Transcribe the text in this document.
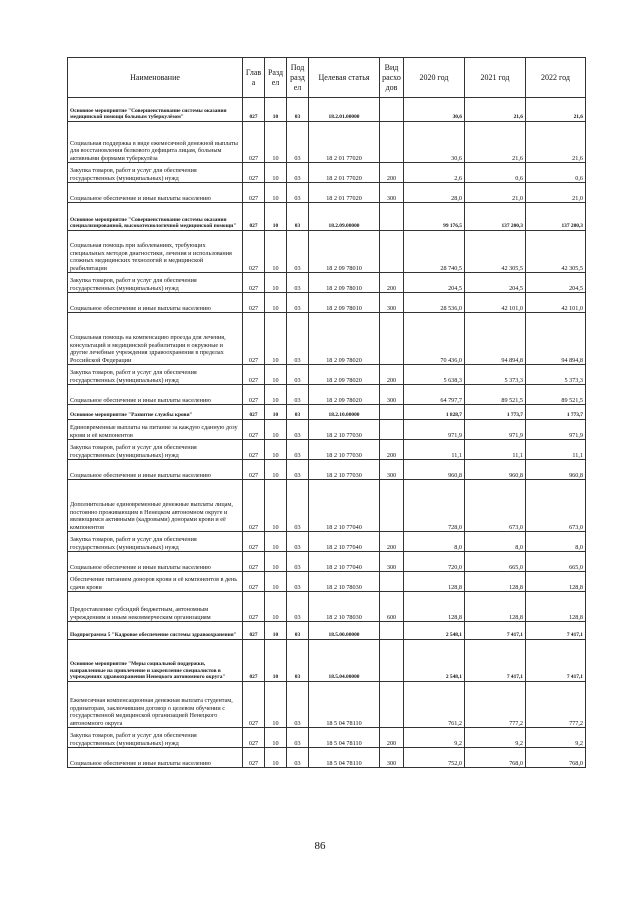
Наименование	Глава	Раздел	Подраздел	Целевая статья	Вид расходов	2020 год	2021 год	2022 год
Основное мероприятие "Совершенствование системы оказания медицинской помощи больным туберкулёзом"	027	10	03	18.2.01.00000		30,6	21,6	21,6
Социальная поддержка в виде ежемесячной денежной выплаты для восстановления белкового дефицита лицам, больным активными формами туберкулёза	027	10	03	18 2 01 77020		30,6	21,6	21,6
Закупка товаров, работ и услуг для обеспечения государственных (муниципальных) нужд	027	10	03	18 2 01 77020	200	2,6	0,6	0,6
Социальное обеспечение и иные выплаты населению	027	10	03	18 2 01 77020	300	28,0	21,0	21,0
Основное мероприятие "Совершенствование системы оказания специализированной, высокотехнологичной медицинской помощи"	027	10	03	18.2.09.00000		99 176,5	137 200,3	137 200,3
Социальная помощь при заболеваниях, требующих специальных методов диагностики, лечения и использования сложных медицинских технологий и медицинской реабилитации	027	10	03	18 2 09 78010		28 740,5	42 305,5	42 305,5
Закупка товаров, работ и услуг для обеспечения государственных (муниципальных) нужд	027	10	03	18 2 09 78010	200	204,5	204,5	204,5
Социальное обеспечение и иные выплаты населению	027	10	03	18 2 09 78010	300	28 536,0	42 101,0	42 101,0
Социальная помощь на компенсацию проезда для лечения, консультаций и медицинской реабилитации в окружные и другие лечебные учреждения здравоохранения в пределах Российской Федерации	027	10	03	18 2 09 78020		70 436,0	94 894,8	94 894,8
Закупка товаров, работ и услуг для обеспечения государственных (муниципальных) нужд	027	10	03	18 2 09 78020	200	5 638,3	5 373,3	5 373,3
Социальное обеспечение и иные выплаты населению	027	10	03	18 2 09 78020	300	64 797,7	89 521,5	89 521,5
Основное мероприятие "Развитие службы крови"	027	10	03	18.2.10.00000		1 828,7	1 773,7	1 773,7
Единовременные выплаты на питание за каждую сданную дозу крови и её компонентов	027	10	03	18 2 10 77030		971,9	971,9	971,9
Закупка товаров, работ и услуг для обеспечения государственных (муниципальных) нужд	027	10	03	18 2 10 77030	200	11,1	11,1	11,1
Социальное обеспечение и иные выплаты населению	027	10	03	18 2 10 77030	300	960,8	960,8	960,8
Дополнительные единовременные денежные выплаты лицам, постоянно проживающим в Ненецком автономном округе и являющимся активными (кадровыми) донорами крови и её компонентов	027	10	03	18 2 10 77040		728,0	673,0	673,0
Закупка товаров, работ и услуг для обеспечения государственных (муниципальных) нужд	027	10	03	18 2 10 77040	200	8,0	8,0	8,0
Социальное обеспечение и иные выплаты населению	027	10	03	18 2 10 77040	300	720,0	665,0	665,0
Обеспечение питанием доноров крови и её компонентов в день сдачи крови	027	10	03	18 2 10 78030		128,8	128,8	128,8
Предоставление субсидий бюджетным, автономным учреждениям и иным некоммерческим организациям	027	10	03	18 2 10 78030	600	128,8	128,8	128,8
Подпрограмма 5 "Кадровое обеспечение системы здравоохранения"	027	10	03	18.5.00.00000		2 548,1	7 417,1	7 417,1
Основное мероприятие "Меры социальной поддержки, направленные на привлечение и закрепление специалистов в учреждениях здравоохранения Ненецкого автономного округа"	027	10	03	18.5.04.00000		2 548,1	7 417,1	7 417,1
Ежемесячная компенсационная денежная выплата студентам, ординаторам, заключившим договор о целевом обучении с государственной медицинской организацией Ненецкого автономного округа	027	10	03	18 5 04 78110		761,2	777,2	777,2
Закупка товаров, работ и услуг для обеспечения государственных (муниципальных) нужд	027	10	03	18 5 04 78110	200	9,2	9,2	9,2
Социальное обеспечение и иные выплаты населению	027	10	03	18 5 04 78110	300	752,0	768,0	768,0
86
